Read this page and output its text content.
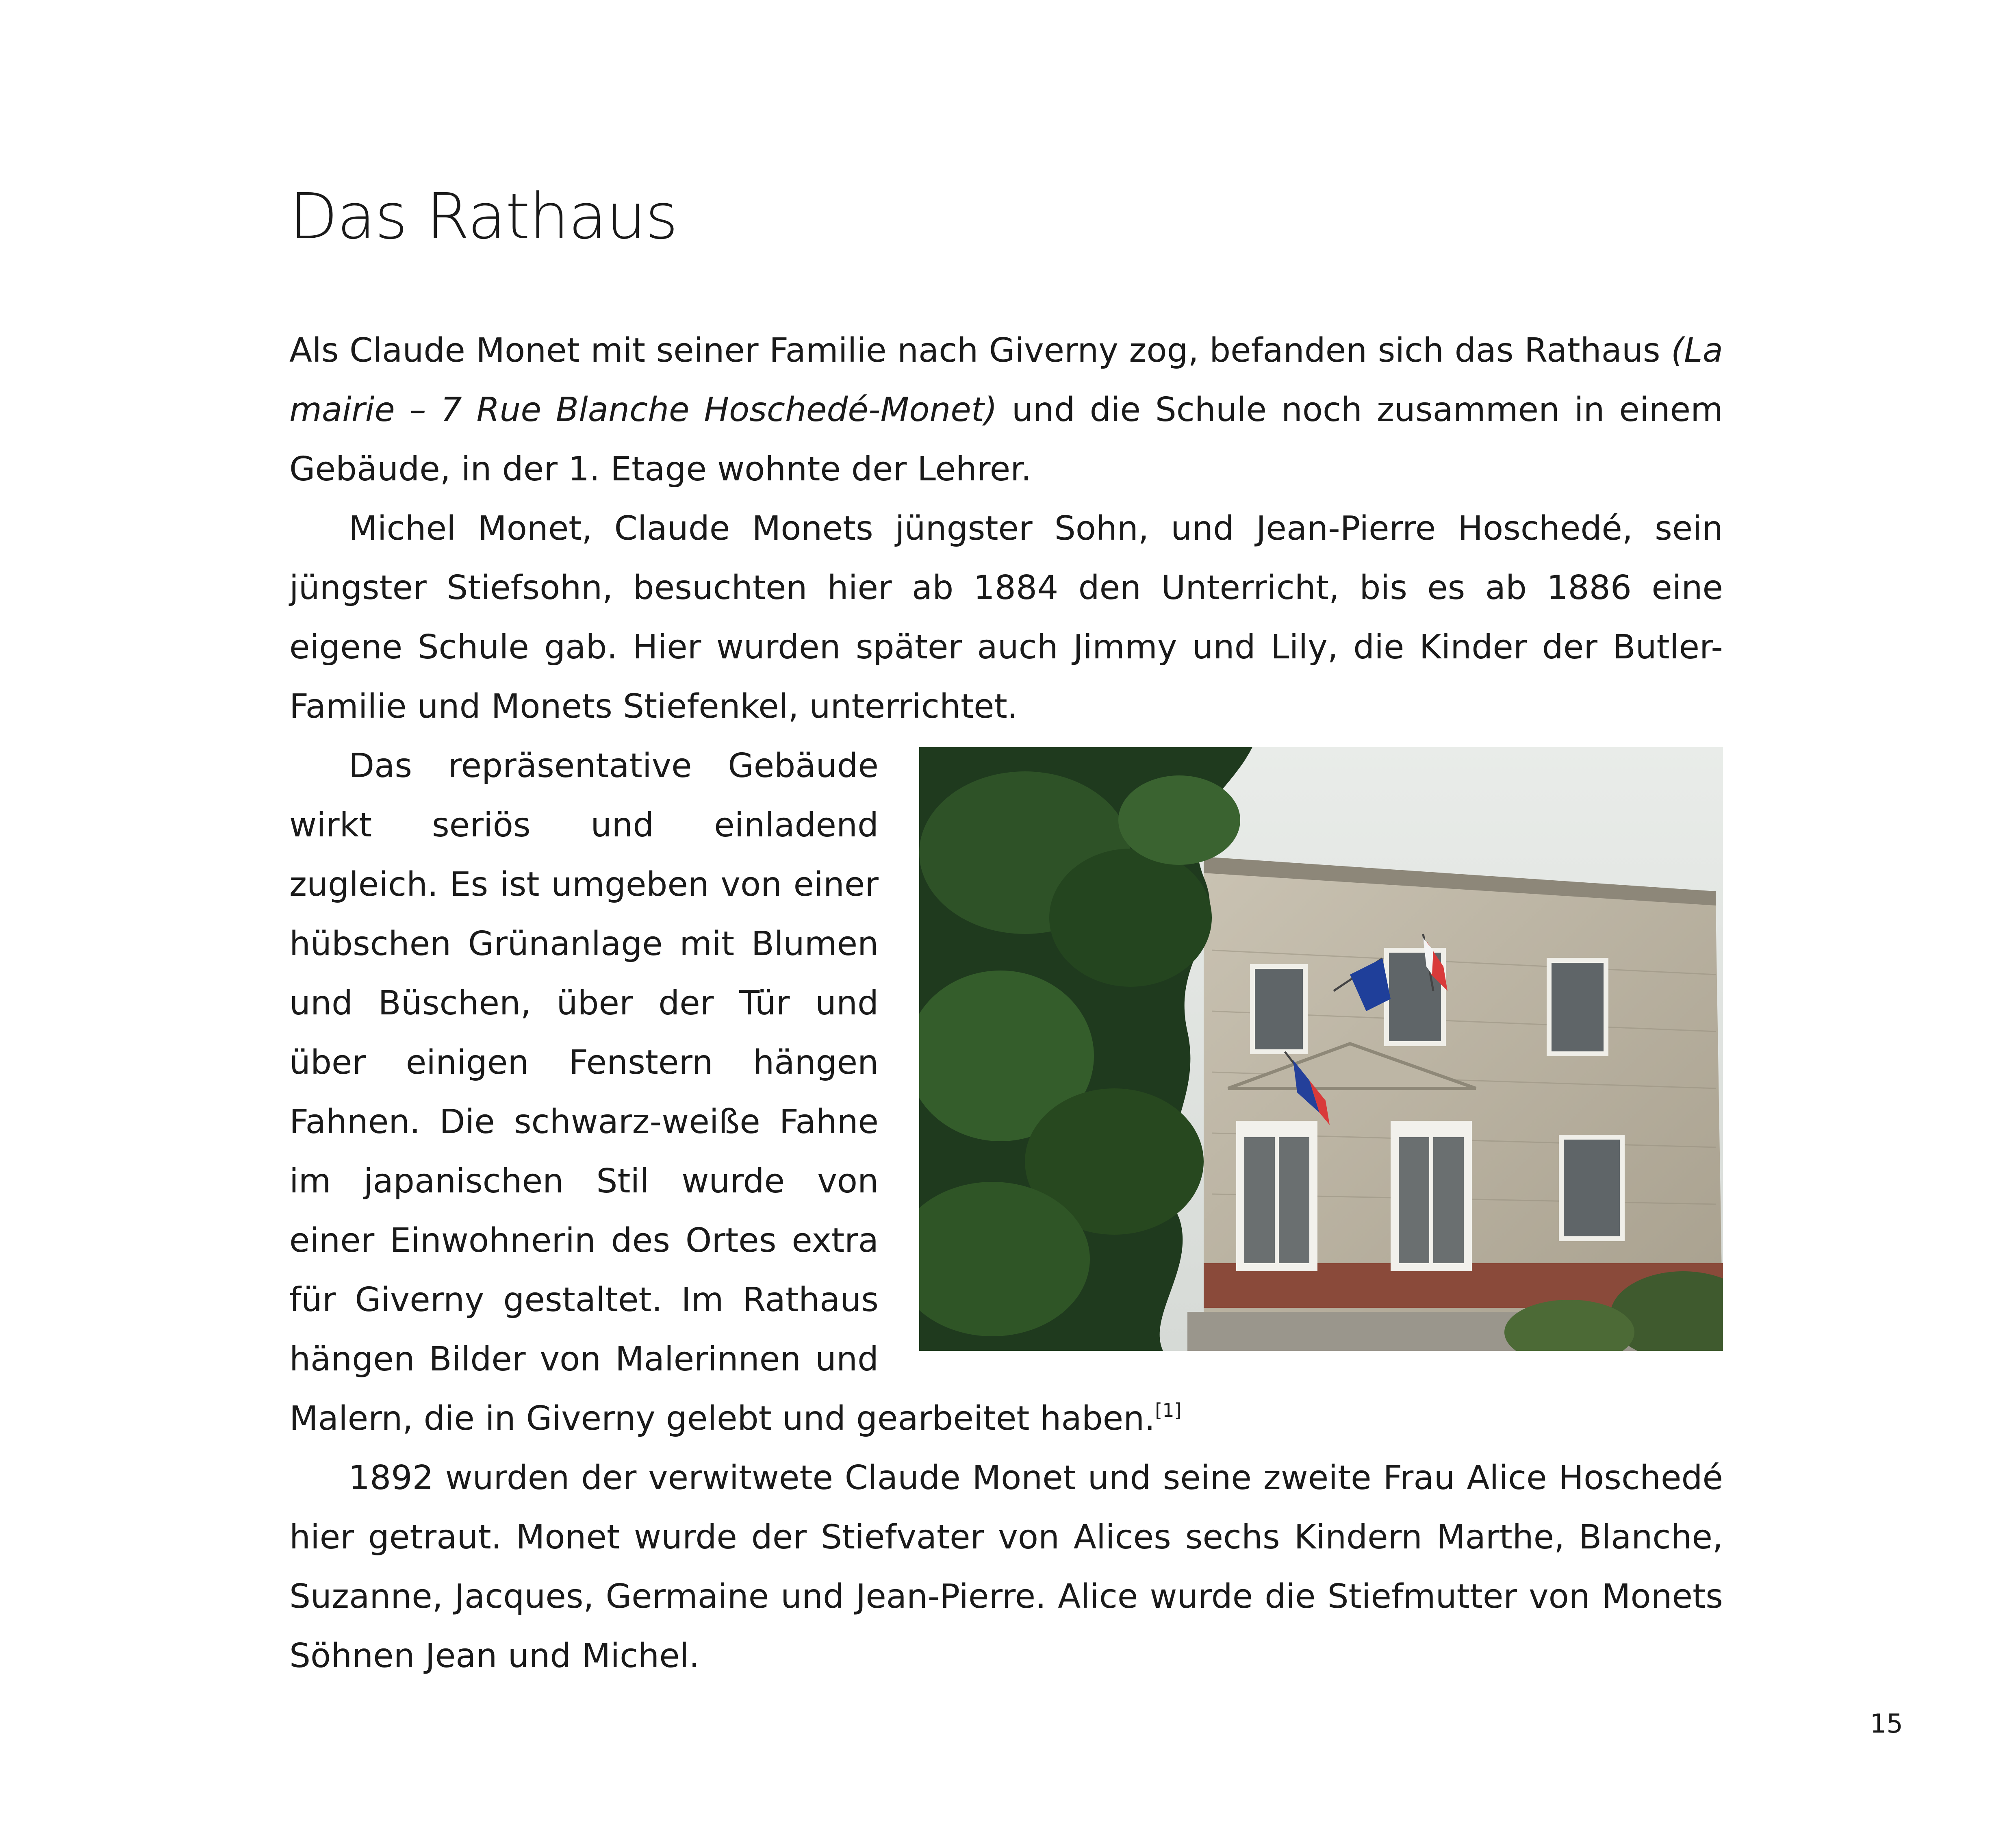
Das Rathaus

Als Claude Monet mit seiner Familie nach Giverny zog, befanden sich das Rathaus (La mairie – 7 Rue Blanche Hoschedé-Monet) und die Schule noch zusammen in einem Gebäude, in der 1. Etage wohnte der Lehrer.

Michel Monet, Claude Monets jüngster Sohn, und Jean-Pierre Hoschedé, sein jüngster Stiefsohn, besuchten hier ab 1884 den Unterricht, bis es ab 1886 eine eigene Schule gab. Hier wurden später auch Jimmy und Lily, die Kinder der Butler-Familie und Monets Stiefenkel, unterrichtet.

Das repräsentative Gebäude wirkt seriös und einladend zugleich. Es ist umgeben von einer hübschen Grünanlage mit Blumen und Büschen, über der Tür und über einigen Fenstern hängen Fahnen. Die schwarz-weiße Fahne im japanischen Stil wurde von einer Einwohnerin des Ortes extra für Giverny gestaltet. Im Rathaus hängen Bilder von Malerinnen und Malern, die in Giverny gelebt und gearbeitet haben.[1]

1892 wurden der verwitwete Claude Monet und seine zweite Frau Alice Hoschedé hier getraut. Monet wurde der Stiefvater von Alices sechs Kindern Marthe, Blanche, Suzanne, Jacques, Germaine und Jean-Pierre. Alice wurde die Stiefmutter von Monets Söhnen Jean und Michel.

15
